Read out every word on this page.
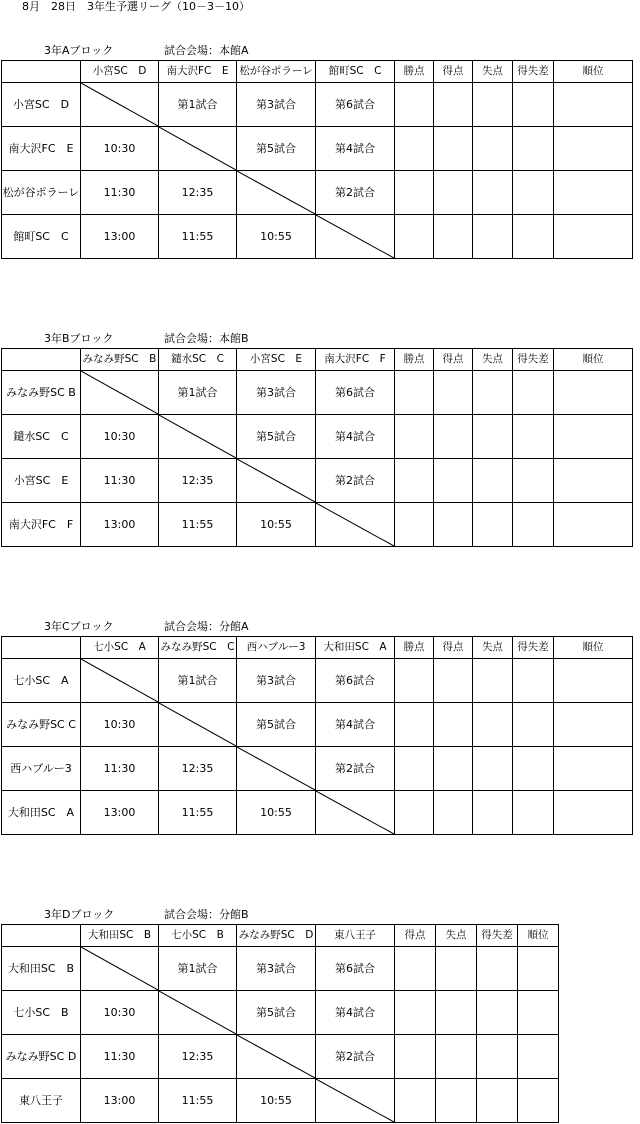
8月　28日　3年生予選リーグ（10－3－10）
3年Aブロック	試合会場：本館A
	小宮SC　D	南大沢FC　E	松が谷ポラーレ	館町SC　C	勝点	得点	失点	得失差	順位
小宮SC　D		第1試合	第3試合	第6試合					
南大沢FC　E	10:30		第5試合	第4試合					
松が谷ポラーレ	11:30	12:35		第2試合					
館町SC　C	13:00	11:55	10:55	

3年Bブロック	試合会場：本館B
	みなみ野SC　B	鑓水SC　C	小宮SC　E	南大沢FC　F	勝点	得点	失点	得失差	順位
みなみ野SC B		第1試合	第3試合	第6試合					
鑓水SC　C	10:30		第5試合	第4試合					
小宮SC　E	11:30	12:35		第2試合					
南大沢FC　F	13:00	11:55	10:55	

3年Cブロック	試合会場：分館A
	七小SC　A	みなみ野SC　C	西ハブルー3	大和田SC　A	勝点	得点	失点	得失差	順位
七小SC　A		第1試合	第3試合	第6試合					
みなみ野SC C	10:30		第5試合	第4試合					
西ハブルー3	11:30	12:35		第2試合					
大和田SC　A	13:00	11:55	10:55	

3年Dブロック	試合会場：分館B
	大和田SC　B	七小SC　B	みなみ野SC　D	東八王子	得点	失点	得失差	順位
大和田SC　B		第1試合	第3試合	第6試合				
七小SC　B	10:30		第5試合	第4試合				
みなみ野SC D	11:30	12:35		第2試合				
東八王子	13:00	11:55	10:55	
